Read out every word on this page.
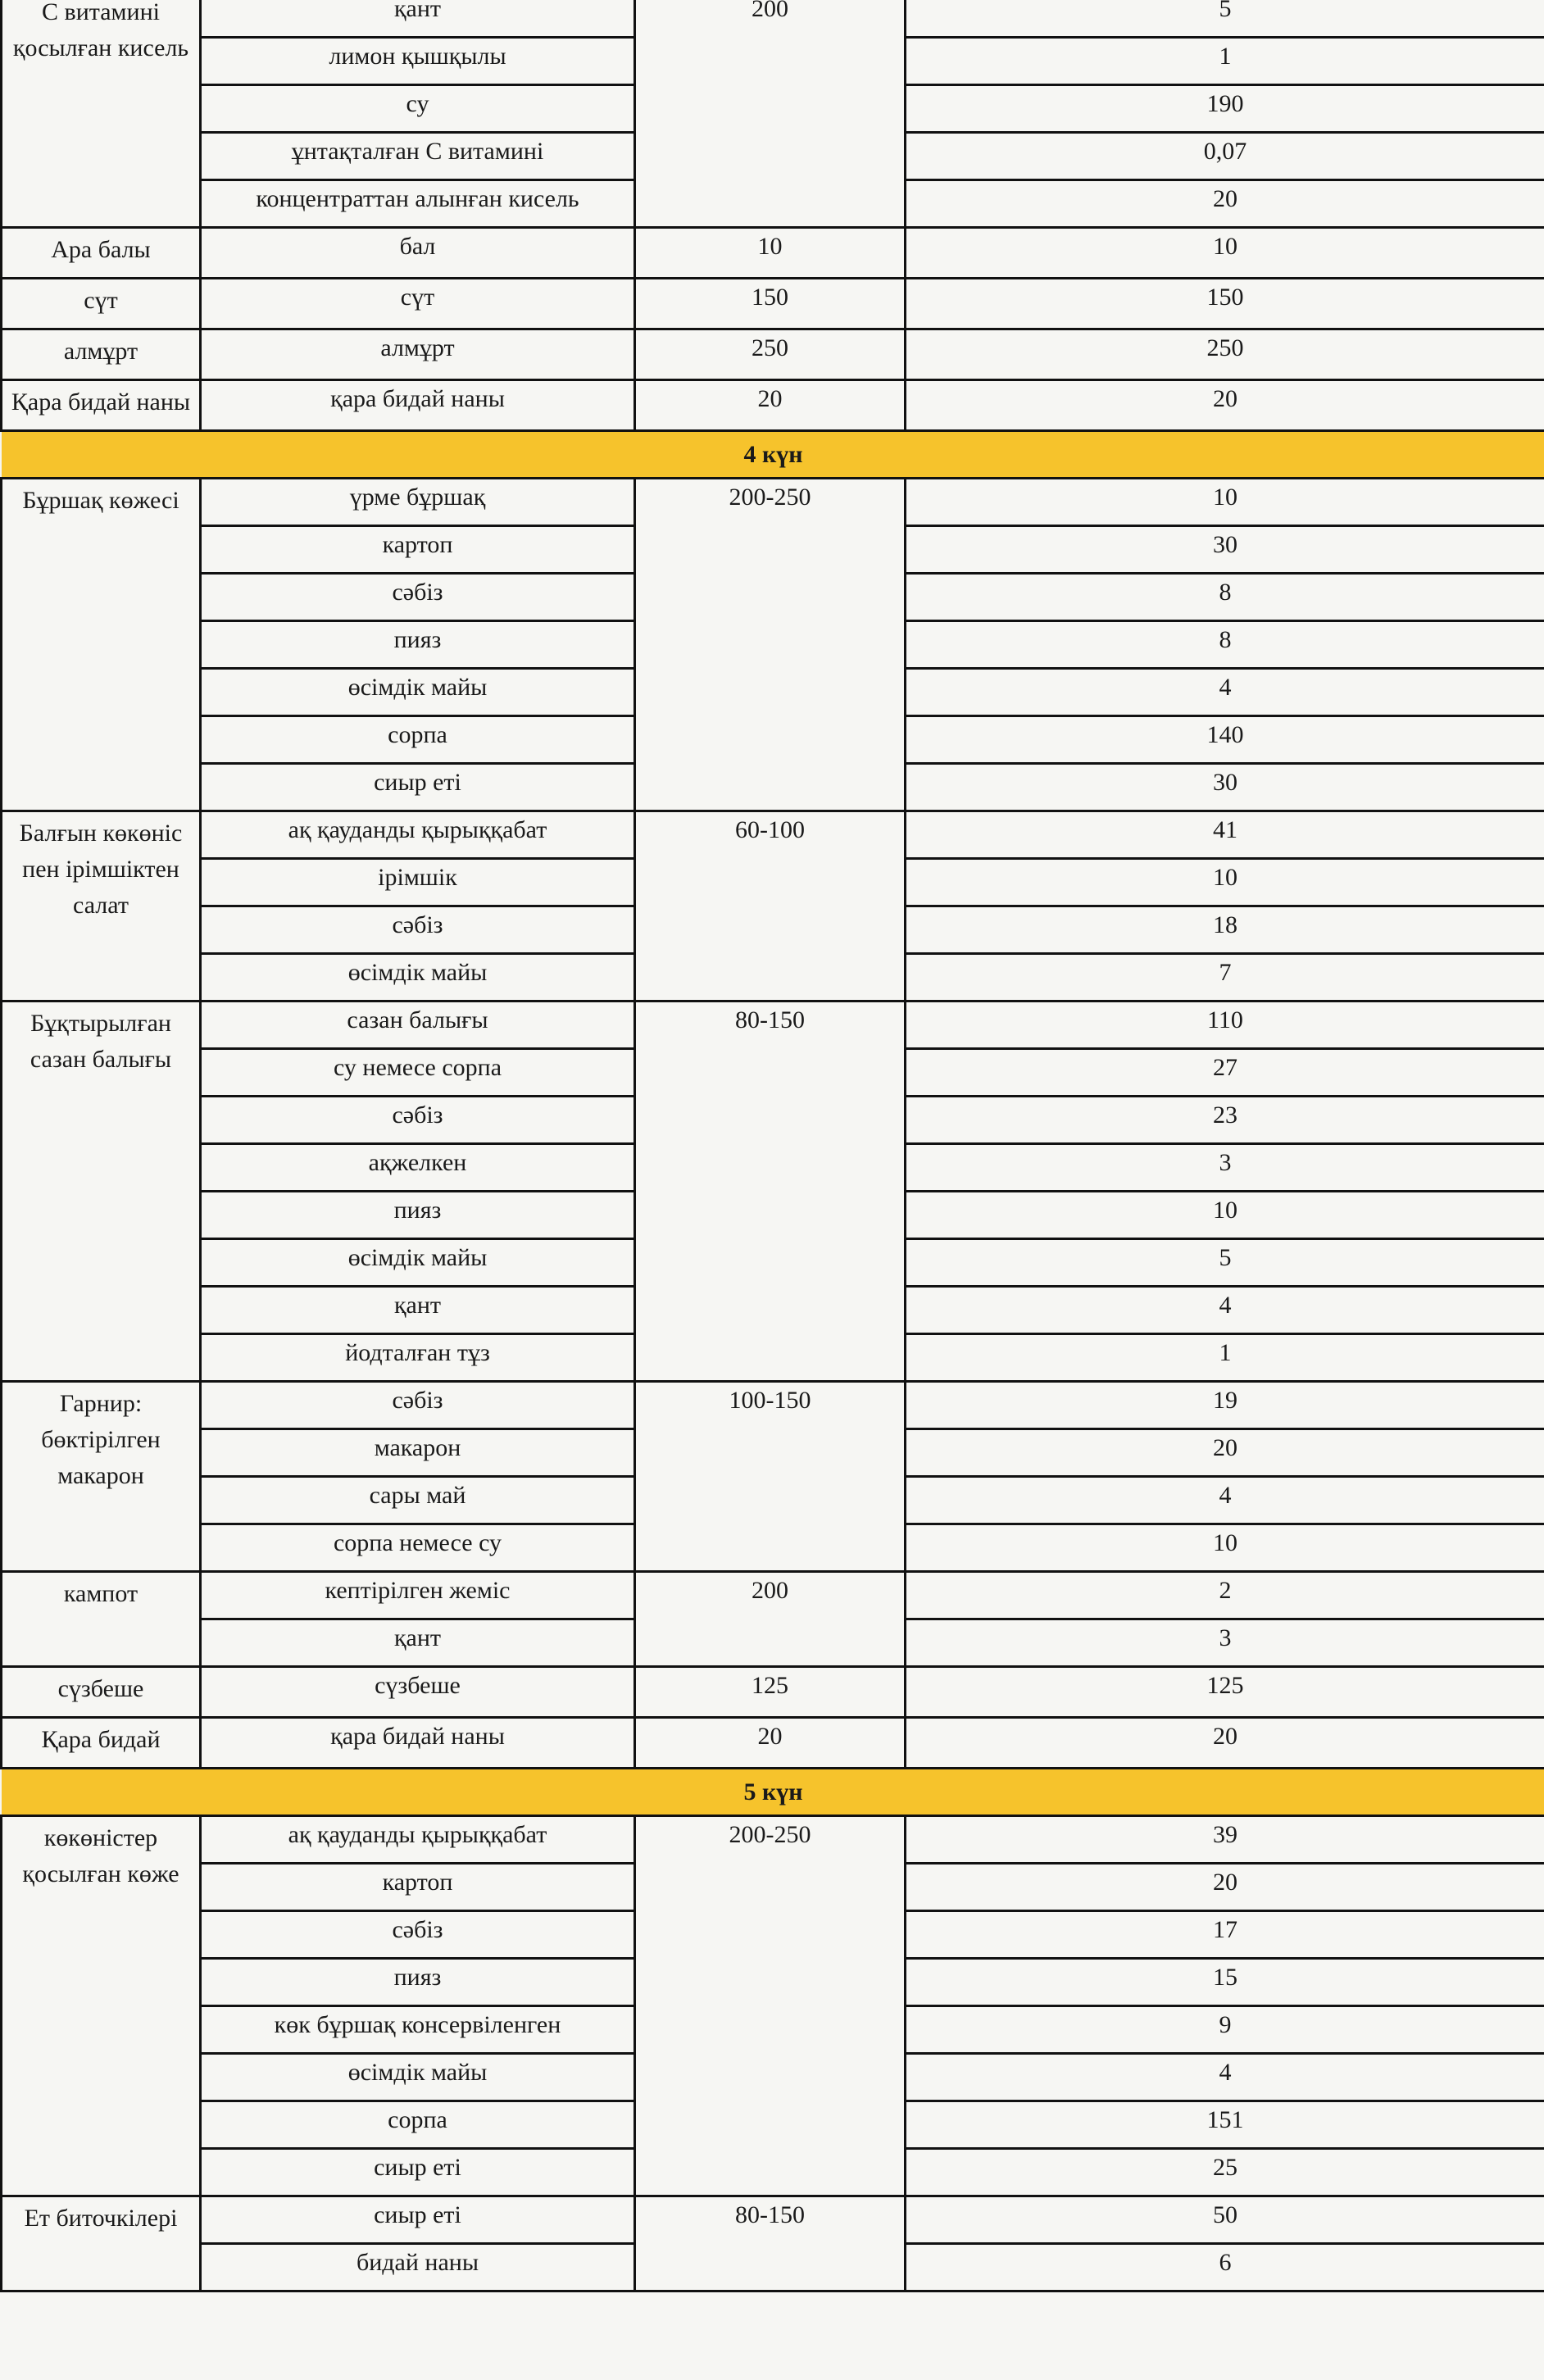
С витамині қосылған кисель	қант	200	5
	лимон қышқылы		1
	су		190
	ұнтақталған С витамині		0,07
	концентраттан алынған кисель		20
Ара балы	бал	10	10
сүт	сүт	150	150
алмұрт	алмұрт	250	250
Қара бидай наны	қара бидай наны	20	20
4 күн			
Бұршақ көжесі	үрме бұршақ	200-250	10
	картоп		30
	сәбіз		8
	пияз		8
	өсімдік майы		4
	сорпа		140
	сиыр еті		30
Балғын көкөніс пен ірімшіктен салат	ақ қауданды қырыққабат	60-100	41
	ірімшік		10
	сәбіз		18
	өсімдік майы		7
Бұқтырылған сазан балығы	сазан балығы	80-150	110
	су немесе сорпа		27
	сәбіз		23
	ақжелкен		3
	пияз		10
	өсімдік майы		5
	қант		4
	йодталған тұз		1
Гарнир: бөктірілген макарон	сәбіз	100-150	19
	макарон		20
	сары май		4
	сорпа немесе су		10
кампот	кептірілген жеміс	200	2
	қант		3
сүзбеше	сүзбеше	125	125
Қара бидай	қара бидай наны	20	20
5 күн			
көкөністер қосылған көже	ақ қауданды қырыққабат	200-250	39
	картоп		20
	сәбіз		17
	пияз		15
	көк бұршақ консервіленген		9
	өсімдік майы		4
	сорпа		151
	сиыр еті		25
Ет биточкілері	сиыр еті	80-150	50
	бидай наны		6
